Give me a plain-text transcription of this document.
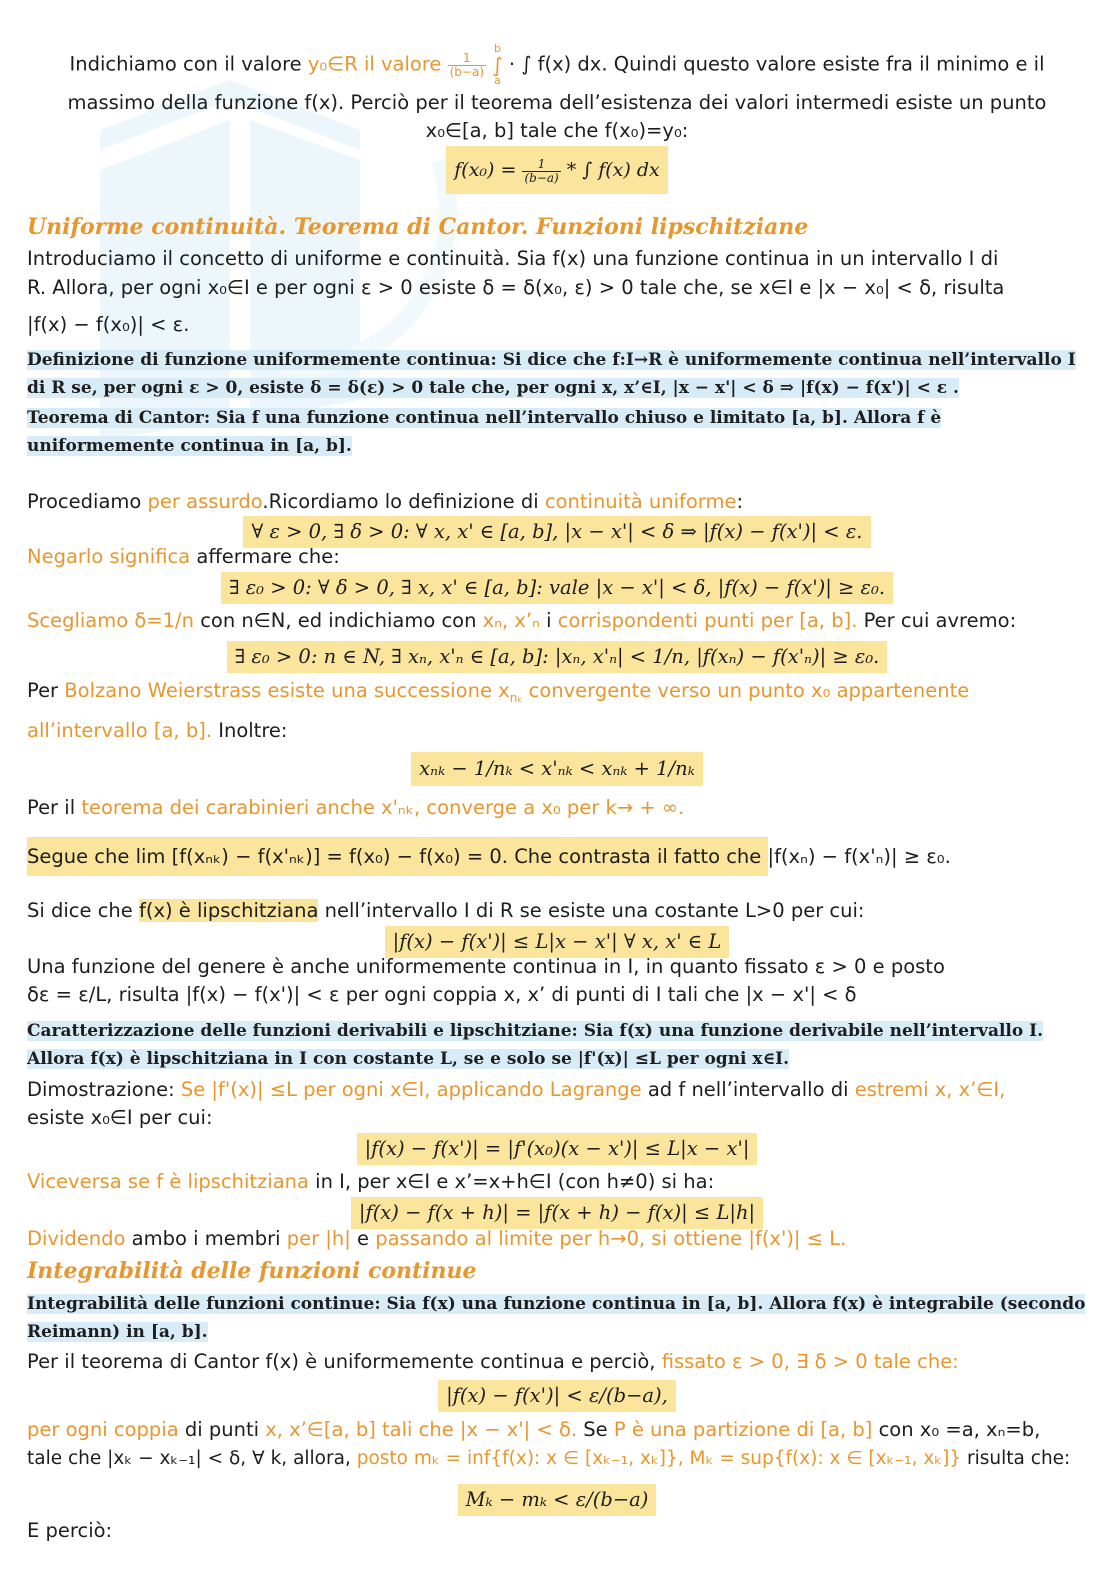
Indichiamo con il valore y₀∈R il valore $\frac{1}{(b-a)}$
b
∫
a · ∫ f(x) dx. Quindi questo valore esiste fra il minimo e il
massimo della funzione f(x). Perciò per il teorema dell’esistenza dei valori intermedi esiste un punto
x₀∈[a, b] tale che f(x₀)=y₀:
$f(x_0) = \frac{1}{(b-a)}$ * ∫ f(x) dx
Uniforme continuità. Teorema di Cantor. Funzioni lipschitziane
Introduciamo il concetto di uniforme e continuità. Sia f(x) una funzione continua in un intervallo I di
R. Allora, per ogni x₀∈I e per ogni ε > 0 esiste δ = δ(x₀, ε) > 0 tale che, se x∈I e |x − x₀| < δ, risulta
|f(x) − f(x₀)| < ε.
Definizione di funzione uniformemente continua: Si dice che f:I→R è uniformemente continua nell’intervallo I di R se, per ogni ε > 0, esiste δ = δ(ε) > 0 tale che, per ogni x, x’∈I, |x − x'| < δ ⇒ |f(x) − f(x')| < ε .
Teorema di Cantor: Sia f una funzione continua nell’intervallo chiuso e limitato [a, b]. Allora f è uniformemente continua in [a, b].
Procediamo per assurdo.Ricordiamo lo definizione di continuità uniforme:
∀ ε > 0, ∃ δ > 0: ∀ x, x' ∈ [a, b], |x − x'| < δ ⇒ |f(x) − f(x')| < ε.
Negarlo significa affermare che:
∃ ε₀ > 0: ∀ δ > 0, ∃ x, x' ∈ [a, b]: vale |x − x'| < δ, |f(x) − f(x')| ≥ ε₀.
Scegliamo δ=1/n con n∈N, ed indichiamo con xₙ, x’ₙ i corrispondenti punti per [a, b]. Per cui avremo:
∃ ε₀ > 0: n ∈ N, ∃ xₙ, x'ₙ ∈ [a, b]: |xₙ, x'ₙ| < 1/n, |f(xₙ) − f(x'ₙ)| ≥ ε₀.
Per Bolzano Weierstrass esiste una successione $x_{n_k}$ convergente verso un punto x₀ appartenente
all’intervallo [a, b]. Inoltre:
xₙₖ − 1/nₖ < x'ₙₖ < xₙₖ + 1/nₖ
Per il teorema dei carabinieri anche x'ₙₖ, converge a x₀ per k→ + ∞.
Segue che lim [f(xₙₖ) − f(x'ₙₖ)] = f(x₀) − f(x₀) = 0. Che contrasta il fatto che |f(xₙ) − f(x'ₙ)| ≥ ε₀.
Si dice che f(x) è lipschitziana nell’intervallo I di R se esiste una costante L>0 per cui:
|f(x) − f(x')| ≤ L|x − x'| ∀ x, x' ∈ L
Una funzione del genere è anche uniformemente continua in I, in quanto fissato ε > 0 e posto
δε = ε/L, risulta |f(x) − f(x')| < ε per ogni coppia x, x’ di punti di I tali che |x − x'| < δ
Caratterizzazione delle funzioni derivabili e lipschitziane: Sia f(x) una funzione derivabile nell’intervallo I. Allora f(x) è lipschitziana in I con costante L, se e solo se |f'(x)| ≤L per ogni x∈I.
Dimostrazione: Se |f'(x)| ≤L per ogni x∈I, applicando Lagrange ad f nell’intervallo di estremi x, x’∈I,
esiste x₀∈I per cui:
|f(x) − f(x')| = |f'(x₀)(x − x')| ≤ L|x − x'|
Viceversa se f è lipschitziana in I, per x∈I e x’=x+h∈I (con h≠0) si ha:
|f(x) − f(x + h)| = |f(x + h) − f(x)| ≤ L|h|
Dividendo ambo i membri per |h| e passando al limite per h→0, si ottiene |f(x')| ≤ L.
Integrabilità delle funzioni continue
Integrabilità delle funzioni continue: Sia f(x) una funzione continua in [a, b]. Allora f(x) è integrabile (secondo Reimann) in [a, b].
Per il teorema di Cantor f(x) è uniformemente continua e perciò, fissato ε > 0, ∃ δ > 0 tale che:
|f(x) − f(x')| < ε/(b−a),
per ogni coppia di punti x, x’∈[a, b] tali che |x − x'| < δ. Se P è una partizione di [a, b] con x₀ =a, xₙ=b,
tale che |xₖ − xₖ₋₁| < δ, ∀ k, allora, posto mₖ = inf{f(x): x ∈ [xₖ₋₁, xₖ]}, Mₖ = sup{f(x): x ∈ [xₖ₋₁, xₖ]} risulta che:
Mₖ − mₖ < ε/(b−a)
E perciò:
